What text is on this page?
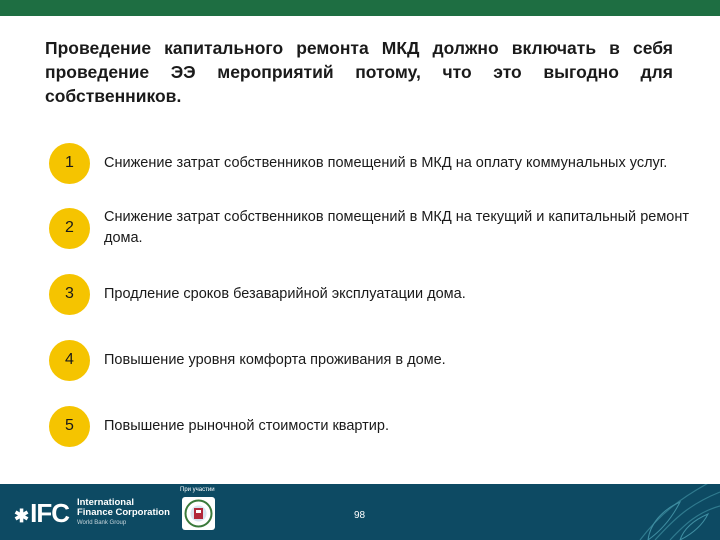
Проведение капитального ремонта МКД должно включать в себя проведение ЭЭ мероприятий потому, что это выгодно для собственников.
1	Снижение затрат собственников помещений в МКД на оплату коммунальных услуг.
2
Снижение затрат собственников помещений в МКД на текущий и капитальный ремонт дома.
3	Продление сроков безаварийной эксплуатации дома.
4	Повышение уровня комфорта проживания в доме.
5	Повышение рыночной стоимости квартир.
✱IFC International
Finance Corporation
World Bank Group
При участии
98
